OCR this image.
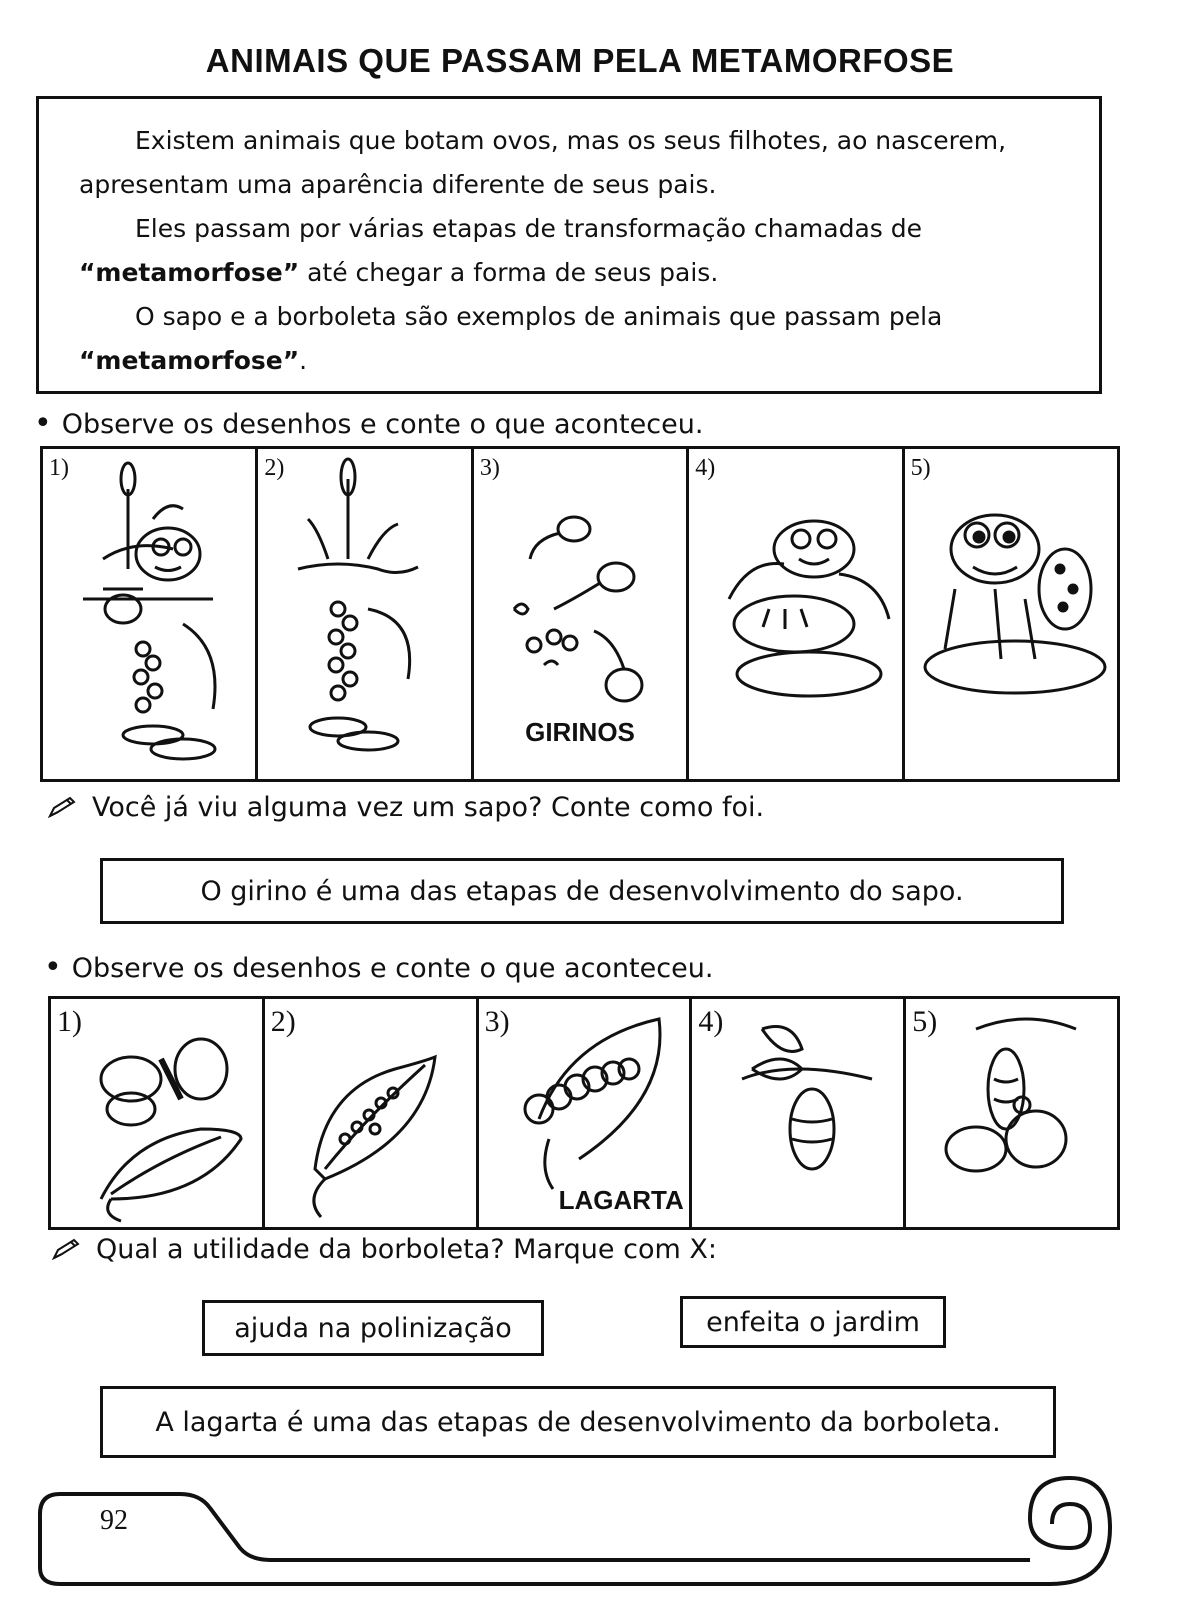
ANIMAIS QUE PASSAM PELA METAMORFOSE

Existem animais que botam ovos, mas os seus filhotes, ao nascerem, apresentam uma aparência diferente de seus pais.

Eles passam por várias etapas de transformação chamadas de “metamorfose” até chegar a forma de seus pais.

O sapo e a borboleta são exemplos de animais que passam pela “metamorfose”.

• Observe os desenhos e conte o que aconteceu.
1)	2)	3)
GIRINOS
4)	5)
Você já viu alguma vez um sapo? Conte como foi.
O girino é uma das etapas de desenvolvimento do sapo.
• Observe os desenhos e conte o que aconteceu.
1)	2)	3)
LAGARTA
4)	5)
Qual a utilidade da borboleta? Marque com X:
ajuda na polinização	enfeita o jardim
A lagarta é uma das etapas de desenvolvimento da borboleta.
92
